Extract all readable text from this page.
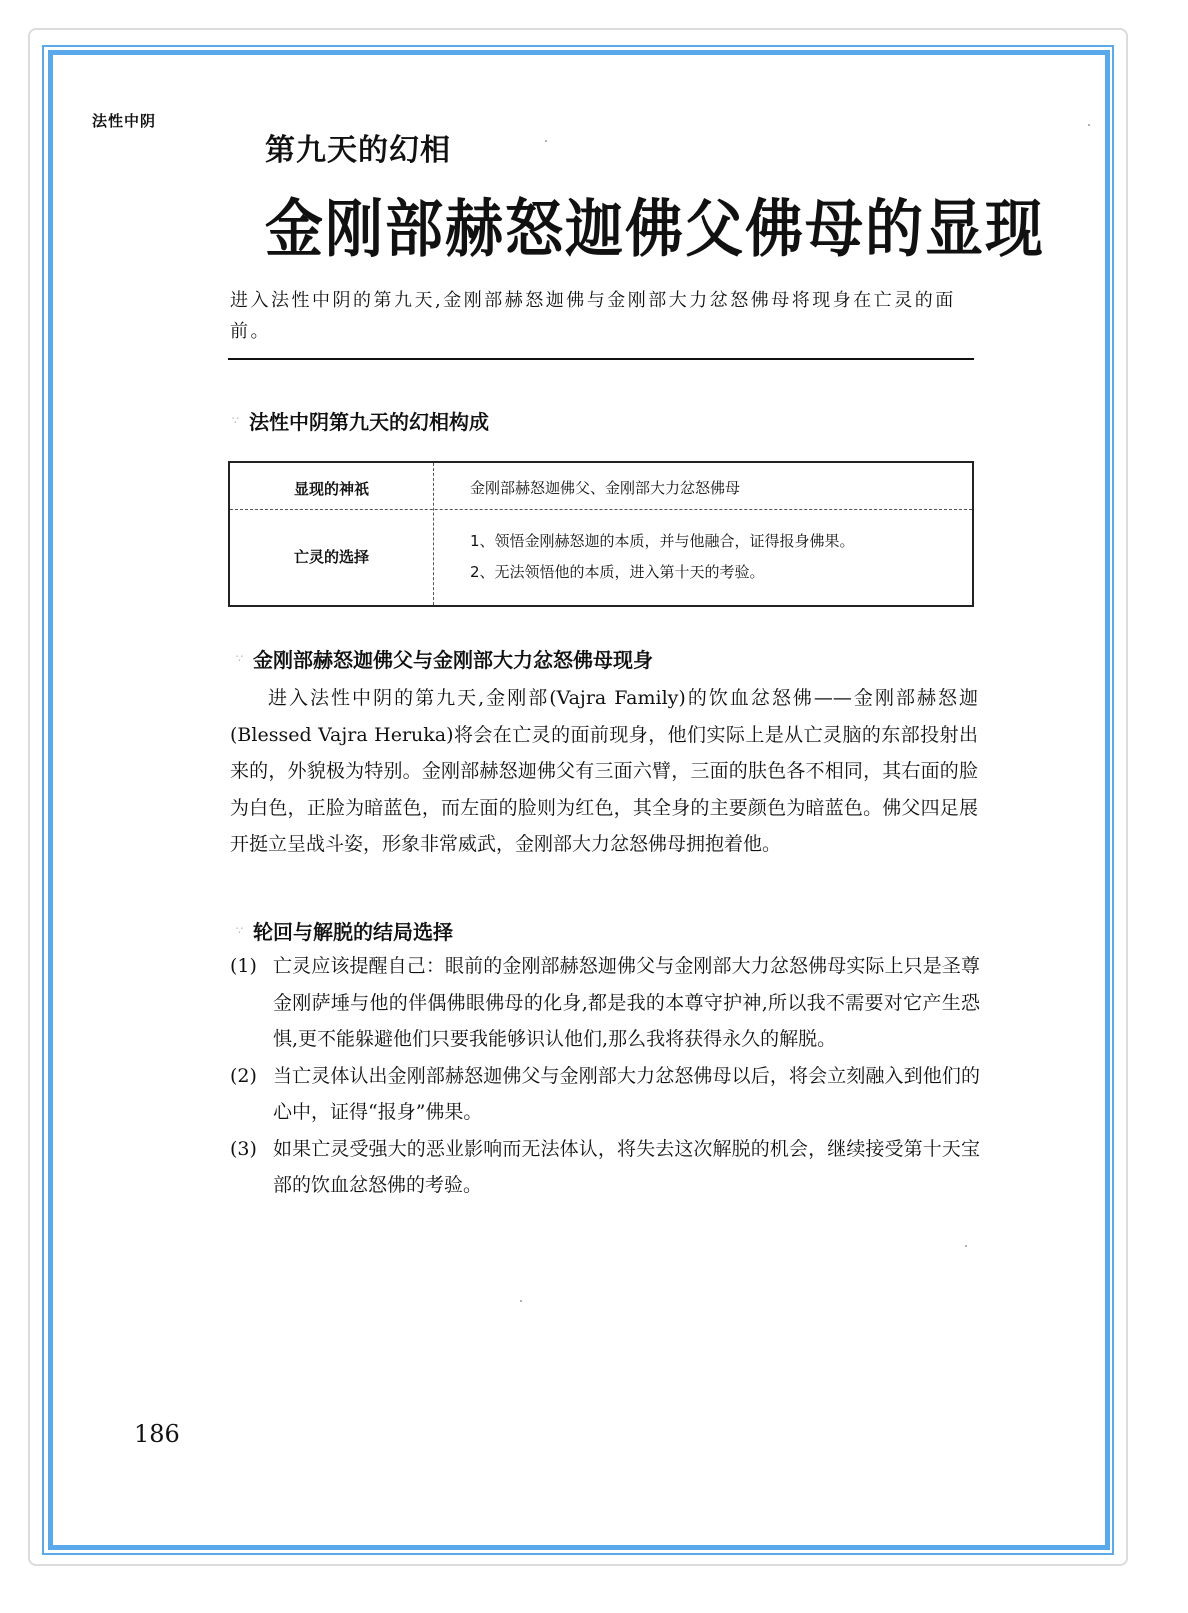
法性中阴
第九天的幻相
金刚部赫怒迦佛父佛母的显现
进入法性中阴的第九天,金刚部赫怒迦佛与金刚部大力忿怒佛母将现身在亡灵的面前。
∵ 法性中阴第九天的幻相构成
显现的神祇	金刚部赫怒迦佛父、金刚部大力忿怒佛母
亡灵的选择
1、领悟金刚赫怒迦的本质，并与他融合，证得报身佛果。
2、无法领悟他的本质，进入第十天的考验。
∵ 金刚部赫怒迦佛父与金刚部大力忿怒佛母现身
进入法性中阴的第九天,金刚部(Vajra Family)的饮血忿怒佛——金刚部赫怒迦 (Blessed Vajra Heruka)将会在亡灵的面前现身，他们实际上是从亡灵脑的东部投射出来的，外貌极为特别。金刚部赫怒迦佛父有三面六臂，三面的肤色各不相同，其右面的脸为白色，正脸为暗蓝色，而左面的脸则为红色，其全身的主要颜色为暗蓝色。佛父四足展开挺立呈战斗姿，形象非常威武，金刚部大力忿怒佛母拥抱着他。
∵ 轮回与解脱的结局选择
(1) 亡灵应该提醒自己：眼前的金刚部赫怒迦佛父与金刚部大力忿怒佛母实际上只是圣尊金刚萨埵与他的伴偶佛眼佛母的化身,都是我的本尊守护神,所以我不需要对它产生恐惧,更不能躲避他们只要我能够识认他们,那么我将获得永久的解脱。
(2) 当亡灵体认出金刚部赫怒迦佛父与金刚部大力忿怒佛母以后，将会立刻融入到他们的心中，证得“报身”佛果。
(3) 如果亡灵受强大的恶业影响而无法体认，将失去这次解脱的机会，继续接受第十天宝部的饮血忿怒佛的考验。
186
